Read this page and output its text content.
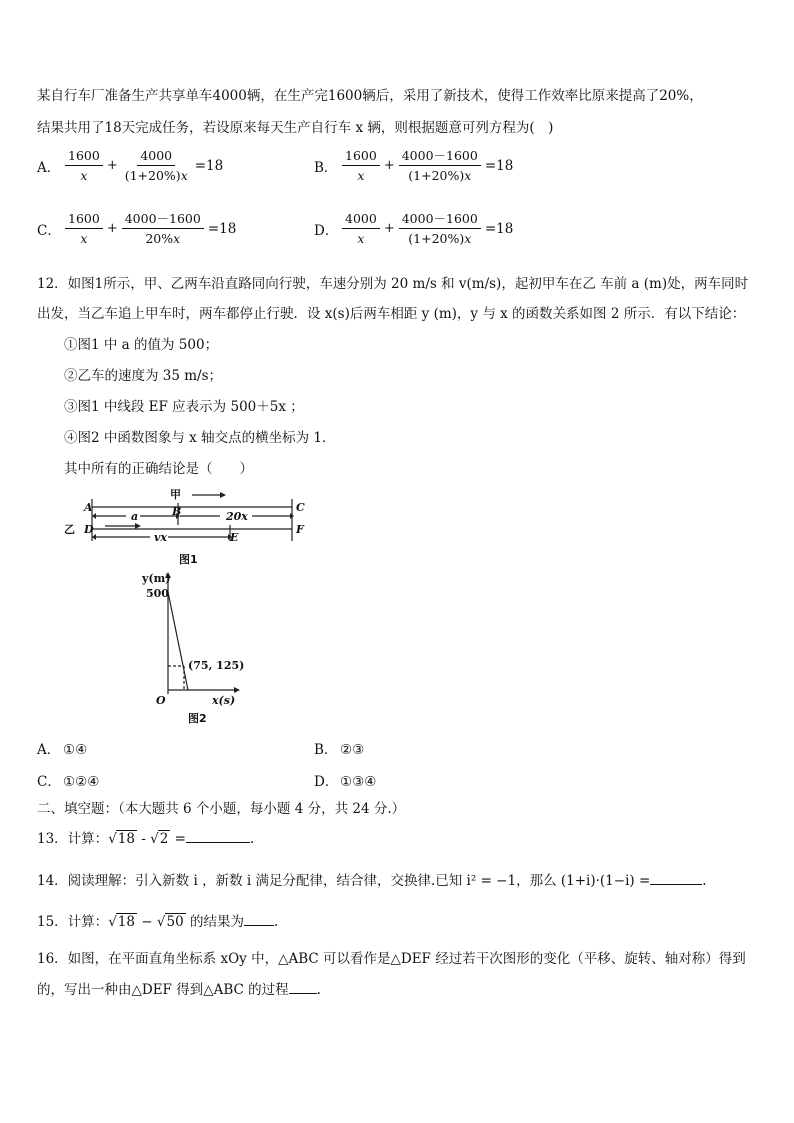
某自行车厂准备生产共享单车4000辆，在生产完1600辆后，采用了新技术，使得工作效率比原来提高了20%，
结果共用了18天完成任务，若设原来每天生产自行车 x 辆，则根据题意可列方程为(　)
A． $\frac{1600}{x} + \frac{4000}{(1+20\%)x} =18$	B． $\frac{1600}{x} + \frac{4000-1600}{(1+20\%)x} =18$
C． $\frac{1600}{x} + \frac{4000-1600}{20\%x} =18$	D． $\frac{4000}{x} + \frac{4000-1600}{(1+20\%)x} =18$
12．如图1所示，甲、乙两车沿直路同向行驶，车速分别为 20 m/s 和 v(m/s)，起初甲车在乙 车前 a (m)处，两车同时
出发，当乙车追上甲车时，两车都停止行驶．设 x(s)后两车相距 y (m)，y 与 x 的函数关系如图 2 所示．有以下结论：
①图1 中 a 的值为 500；
②乙车的速度为 35 m/s；
③图1 中线段 EF 应表示为 500＋5x ；
④图2 中函数图象与 x 轴交点的横坐标为 1．
其中所有的正确结论是（　　）
A	C
B
D	F
E
a	20x
vx
甲
乙
图1
y(m)
500
(75, 125)
O	x(s)
图2
A． ①④	B． ②③
C． ①②④	D． ①③④
二、填空题：（本大题共 6 个小题，每小题 4 分，共 24 分.）
13．计算：√18 - √2 =	.
14．阅读理解：引入新数 i ，新数 i 满足分配律，结合律，交换律.已知 i² = −1，那么 (1+i)·(1−i) =	.
15．计算：√18 − √50 的结果为 .
16．如图，在平面直角坐标系 xOy 中，△ABC 可以看作是△DEF 经过若干次图形的变化（平移、旋转、轴对称）得到
的，写出一种由△DEF 得到△ABC 的过程 .
